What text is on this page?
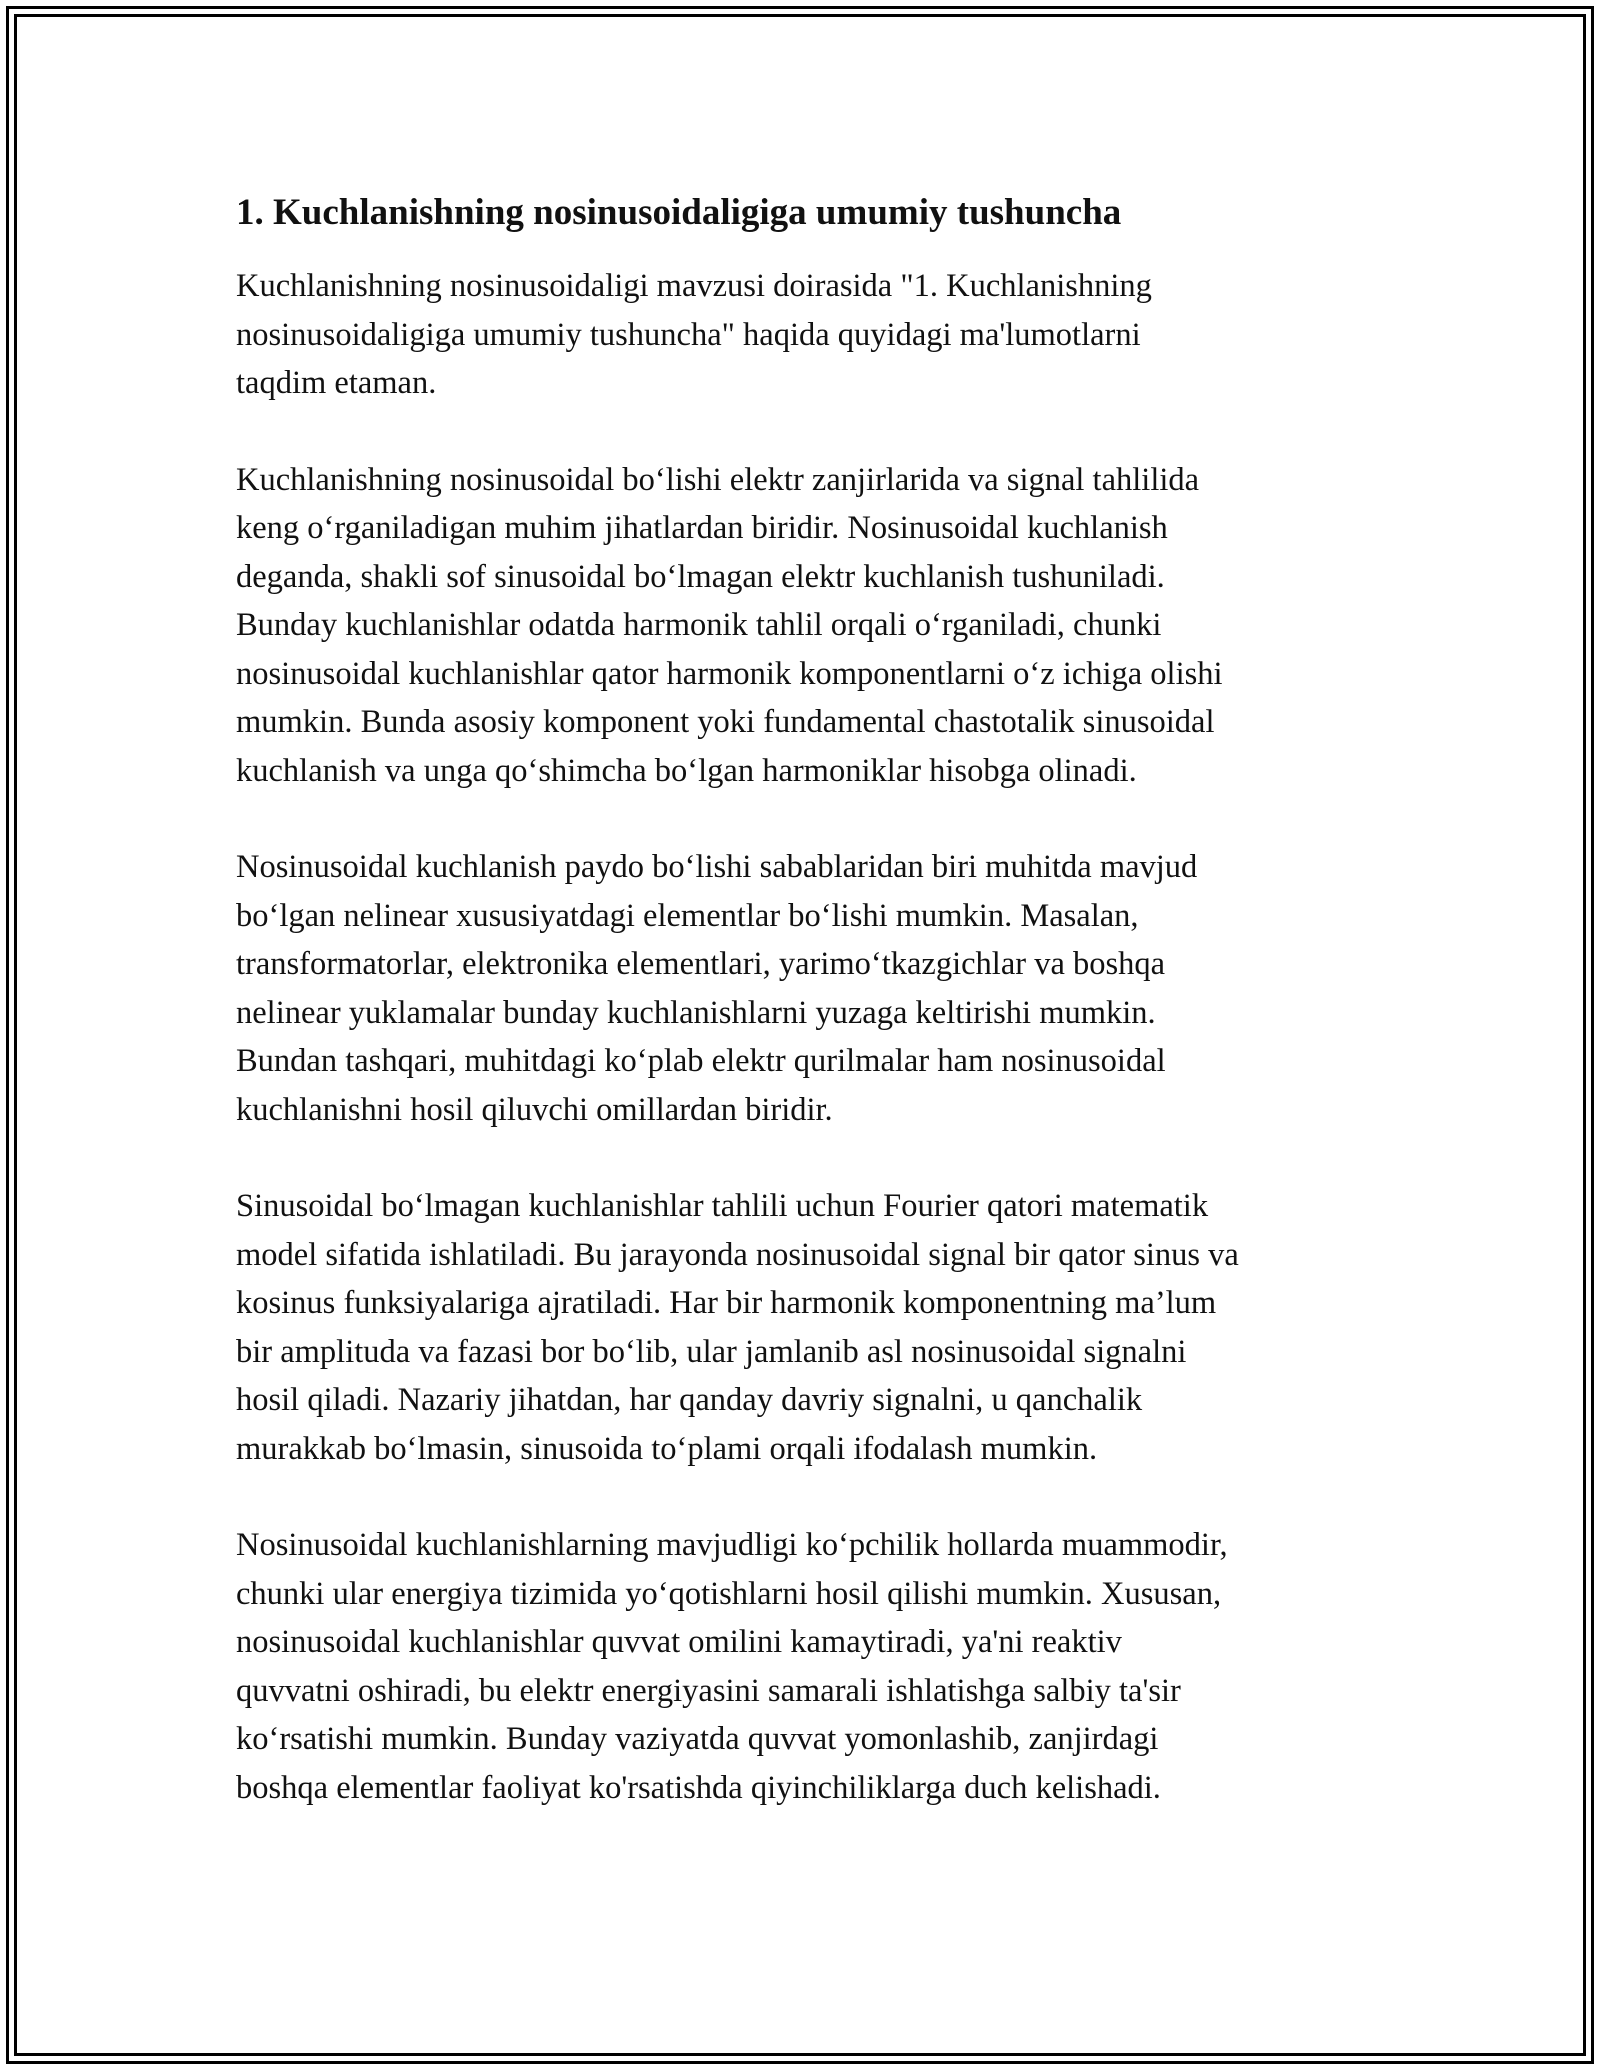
1. Kuchlanishning nosinusoidaligiga umumiy tushuncha

Kuchlanishning nosinusoidaligi mavzusi doirasida "1. Kuchlanishning
nosinusoidaligiga umumiy tushuncha" haqida quyidagi ma'lumotlarni
taqdim etaman.

Kuchlanishning nosinusoidal boʻlishi elektr zanjirlarida va signal tahlilida
keng oʻrganiladigan muhim jihatlardan biridir. Nosinusoidal kuchlanish
deganda, shakli sof sinusoidal boʻlmagan elektr kuchlanish tushuniladi.
Bunday kuchlanishlar odatda harmonik tahlil orqali oʻrganiladi, chunki
nosinusoidal kuchlanishlar qator harmonik komponentlarni oʻz ichiga olishi
mumkin. Bunda asosiy komponent yoki fundamental chastotalik sinusoidal
kuchlanish va unga qoʻshimcha boʻlgan harmoniklar hisobga olinadi.

Nosinusoidal kuchlanish paydo boʻlishi sabablaridan biri muhitda mavjud
boʻlgan nelinear xususiyatdagi elementlar boʻlishi mumkin. Masalan,
transformatorlar, elektronika elementlari, yarimoʻtkazgichlar va boshqa
nelinear yuklamalar bunday kuchlanishlarni yuzaga keltirishi mumkin.
Bundan tashqari, muhitdagi koʻplab elektr qurilmalar ham nosinusoidal
kuchlanishni hosil qiluvchi omillardan biridir.

Sinusoidal boʻlmagan kuchlanishlar tahlili uchun Fourier qatori matematik
model sifatida ishlatiladi. Bu jarayonda nosinusoidal signal bir qator sinus va
kosinus funksiyalariga ajratiladi. Har bir harmonik komponentning ma’lum
bir amplituda va fazasi bor boʻlib, ular jamlanib asl nosinusoidal signalni
hosil qiladi. Nazariy jihatdan, har qanday davriy signalni, u qanchalik
murakkab boʻlmasin, sinusoida toʻplami orqali ifodalash mumkin.

Nosinusoidal kuchlanishlarning mavjudligi koʻpchilik hollarda muammodir,
chunki ular energiya tizimida yoʻqotishlarni hosil qilishi mumkin. Xususan,
nosinusoidal kuchlanishlar quvvat omilini kamaytiradi, ya'ni reaktiv
quvvatni oshiradi, bu elektr energiyasini samarali ishlatishga salbiy ta'sir
koʻrsatishi mumkin. Bunday vaziyatda quvvat yomonlashib, zanjirdagi
boshqa elementlar faoliyat ko'rsatishda qiyinchiliklarga duch kelishadi.
